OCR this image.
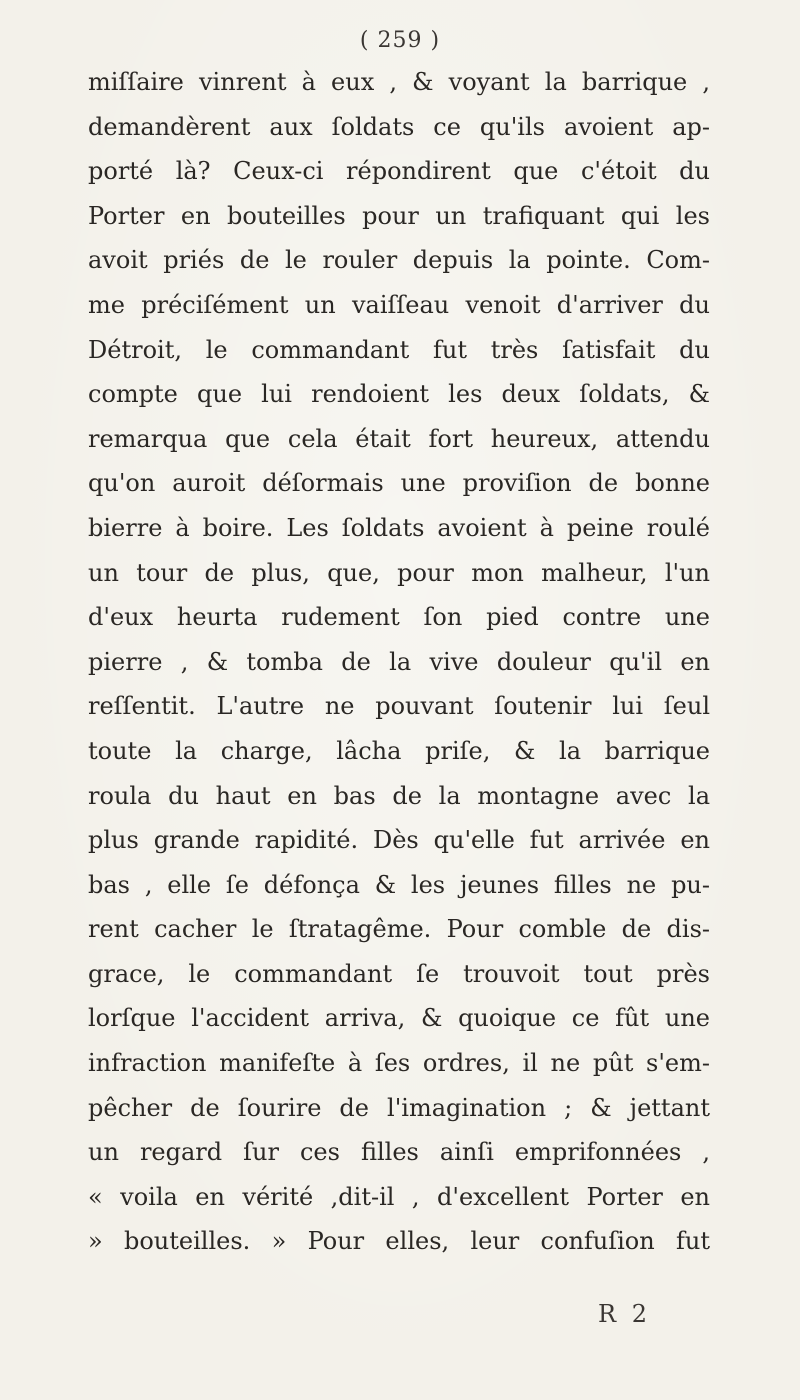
( 259 )
miſſaire vinrent à eux , & voyant la barrique ,
demandèrent aux ſoldats ce qu'ils avoient ap-
porté là? Ceux-ci répondirent que c'étoit du
Porter en bouteilles pour un trafiquant qui les
avoit priés de le rouler depuis la pointe. Com-
me préciſément un vaiſſeau venoit d'arriver du
Détroit, le commandant fut très ſatisfait du
compte que lui rendoient les deux ſoldats, &
remarqua que cela était fort heureux, attendu
qu'on auroit déſormais une proviſion de bonne
bierre à boire. Les ſoldats avoient à peine roulé
un tour de plus, que, pour mon malheur, l'un
d'eux heurta rudement ſon pied contre une
pierre , & tomba de la vive douleur qu'il en
reſſentit. L'autre ne pouvant ſoutenir lui ſeul
toute la charge, lâcha priſe, & la barrique
roula du haut en bas de la montagne avec la
plus grande rapidité. Dès qu'elle fut arrivée en
bas , elle ſe défonça & les jeunes filles ne pu-
rent cacher le ſtratagême. Pour comble de dis-
grace, le commandant ſe trouvoit tout près
lorſque l'accident arriva, & quoique ce fût une
infraction manifeſte à ſes ordres, il ne pût s'em-
pêcher de ſourire de l'imagination ; & jettant
un regard ſur ces filles ainſi emprifonnées ,
« voila en vérité ,dit-il , d'excellent Porter en
» bouteilles. » Pour elles, leur confuſion fut
R 2
